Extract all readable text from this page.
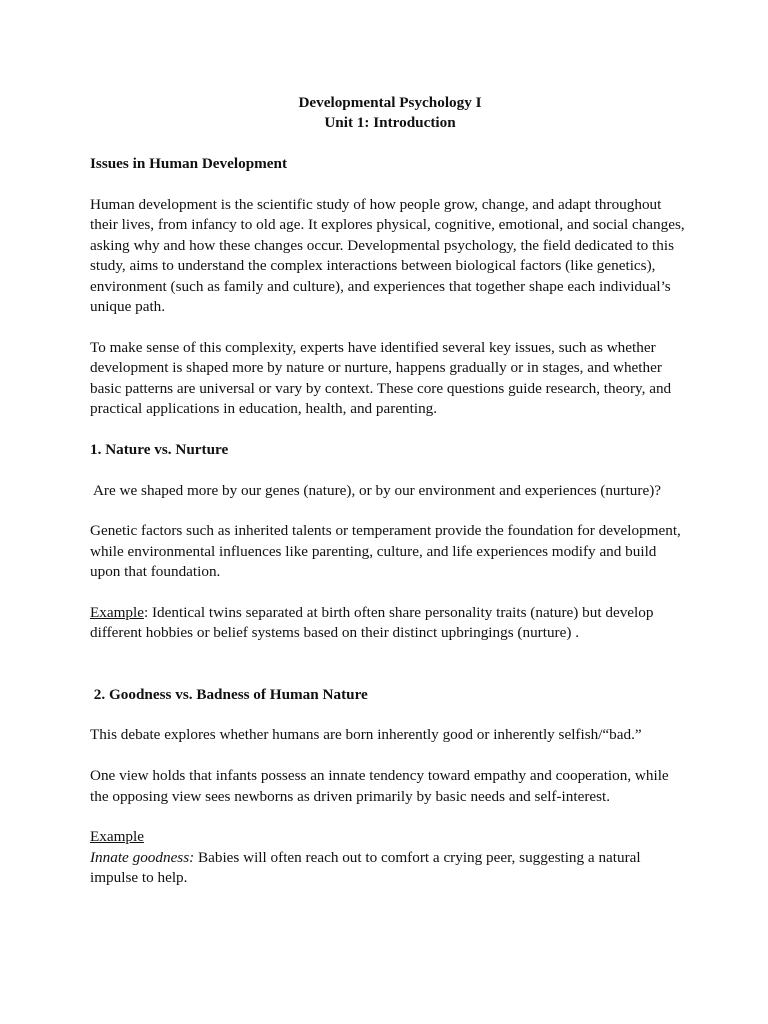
Developmental Psychology I

Unit 1: Introduction

Issues in Human Development

Human development is the scientific study of how people grow, change, and adapt throughout their lives, from infancy to old age. It explores physical, cognitive, emotional, and social changes, asking why and how these changes occur. Developmental psychology, the field dedicated to this study, aims to understand the complex interactions between biological factors (like genetics), environment (such as family and culture), and experiences that together shape each individual’s unique path.

To make sense of this complexity, experts have identified several key issues, such as whether development is shaped more by nature or nurture, happens gradually or in stages, and whether basic patterns are universal or vary by context. These core questions guide research, theory, and practical applications in education, health, and parenting.

1. Nature vs. Nurture

Are we shaped more by our genes (nature), or by our environment and experiences (nurture)?

Genetic factors such as inherited talents or temperament provide the foundation for development, while environmental influences like parenting, culture, and life experiences modify and build upon that foundation.

Example: Identical twins separated at birth often share personality traits (nature) but develop different hobbies or belief systems based on their distinct upbringings (nurture) .

2. Goodness vs. Badness of Human Nature

This debate explores whether humans are born inherently good or inherently selfish/“bad.”

One view holds that infants possess an innate tendency toward empathy and cooperation, while the opposing view sees newborns as driven primarily by basic needs and self-interest.

Example

Innate goodness: Babies will often reach out to comfort a crying peer, suggesting a natural impulse to help.
